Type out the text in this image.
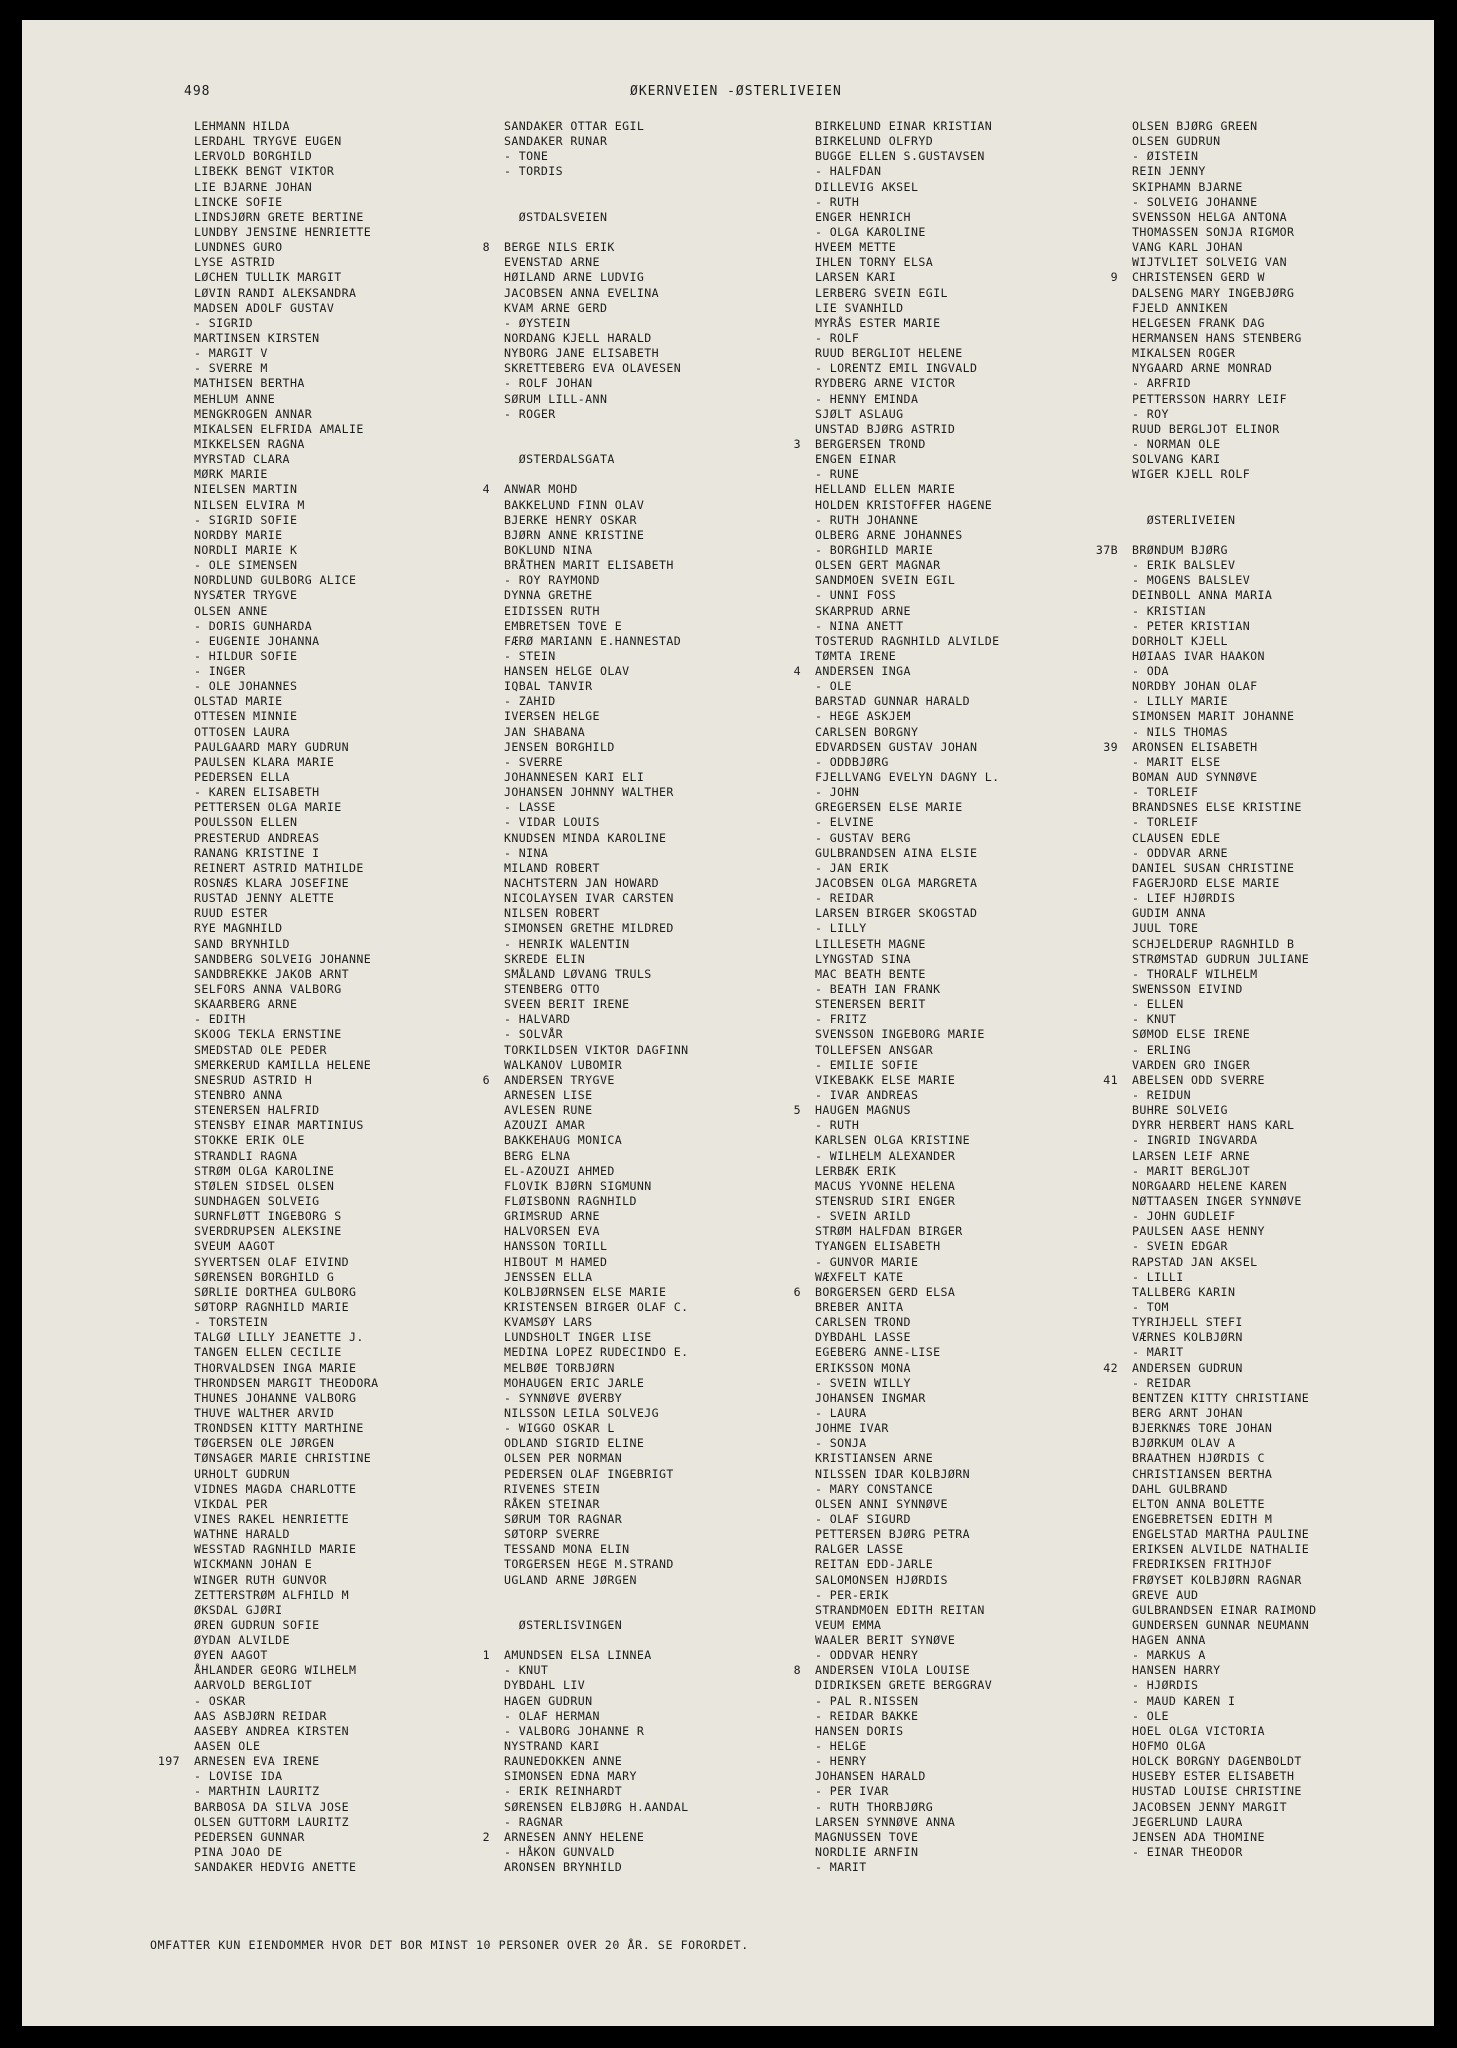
498	ØKERNVEIEN -ØSTERLIVEIEN
LEHMANN HILDA
LERDAHL TRYGVE EUGEN
LERVOLD BORGHILD
LIBEKK BENGT VIKTOR
LIE BJARNE JOHAN
LINCKE SOFIE
LINDSJØRN GRETE BERTINE
LUNDBY JENSINE HENRIETTE
LUNDNES GURO
LYSE ASTRID
LØCHEN TULLIK MARGIT
LØVIN RANDI ALEKSANDRA
MADSEN ADOLF GUSTAV
- SIGRID
MARTINSEN KIRSTEN
- MARGIT V
- SVERRE M
MATHISEN BERTHA
MEHLUM ANNE
MENGKROGEN ANNAR
MIKALSEN ELFRIDA AMALIE
MIKKELSEN RAGNA
MYRSTAD CLARA
MØRK MARIE
NIELSEN MARTIN
NILSEN ELVIRA M
- SIGRID SOFIE
NORDBY MARIE
NORDLI MARIE K
- OLE SIMENSEN
NORDLUND GULBORG ALICE
NYSÆTER TRYGVE
OLSEN ANNE
- DORIS GUNHARDA
- EUGENIE JOHANNA
- HILDUR SOFIE
- INGER
- OLE JOHANNES
OLSTAD MARIE
OTTESEN MINNIE
OTTOSEN LAURA
PAULGAARD MARY GUDRUN
PAULSEN KLARA MARIE
PEDERSEN ELLA
- KAREN ELISABETH
PETTERSEN OLGA MARIE
POULSSON ELLEN
PRESTERUD ANDREAS
RANANG KRISTINE I
REINERT ASTRID MATHILDE
ROSNÆS KLARA JOSEFINE
RUSTAD JENNY ALETTE
RUUD ESTER
RYE MAGNHILD
SAND BRYNHILD
SANDBERG SOLVEIG JOHANNE
SANDBREKKE JAKOB ARNT
SELFORS ANNA VALBORG
SKAARBERG ARNE
- EDITH
SKOOG TEKLA ERNSTINE
SMEDSTAD OLE PEDER
SMERKERUD KAMILLA HELENE
SNESRUD ASTRID H
STENBRO ANNA
STENERSEN HALFRID
STENSBY EINAR MARTINIUS
STOKKE ERIK OLE
STRANDLI RAGNA
STRØM OLGA KAROLINE
STØLEN SIDSEL OLSEN
SUNDHAGEN SOLVEIG
SURNFLØTT INGEBORG S
SVERDRUPSEN ALEKSINE
SVEUM AAGOT
SYVERTSEN OLAF EIVIND
SØRENSEN BORGHILD G
SØRLIE DORTHEA GULBORG
SØTORP RAGNHILD MARIE
- TORSTEIN
TALGØ LILLY JEANETTE J.
TANGEN ELLEN CECILIE
THORVALDSEN INGA MARIE
THRONDSEN MARGIT THEODORA
THUNES JOHANNE VALBORG
THUVE WALTHER ARVID
TRONDSEN KITTY MARTHINE
TØGERSEN OLE JØRGEN
TØNSAGER MARIE CHRISTINE
URHOLT GUDRUN
VIDNES MAGDA CHARLOTTE
VIKDAL PER
VINES RAKEL HENRIETTE
WATHNE HARALD
WESSTAD RAGNHILD MARIE
WICKMANN JOHAN E
WINGER RUTH GUNVOR
ZETTERSTRØM ALFHILD M
ØKSDAL GJØRI
ØREN GUDRUN SOFIE
ØYDAN ALVILDE
ØYEN AAGOT
ÅHLANDER GEORG WILHELM
AARVOLD BERGLIOT
- OSKAR
AAS ASBJØRN REIDAR
AASEBY ANDREA KIRSTEN
AASEN OLE
197 ARNESEN EVA IRENE
- LOVISE IDA
- MARTHIN LAURITZ
BARBOSA DA SILVA JOSE
OLSEN GUTTORM LAURITZ
PEDERSEN GUNNAR
PINA JOAO DE
SANDAKER HEDVIG ANETTE
SANDAKER OTTAR EGIL
SANDAKER RUNAR
- TONE
- TORDIS
ØSTDALSVEIEN
8 BERGE NILS ERIK
EVENSTAD ARNE
HØILAND ARNE LUDVIG
JACOBSEN ANNA EVELINA
KVAM ARNE GERD
- ØYSTEIN
NORDANG KJELL HARALD
NYBORG JANE ELISABETH
SKRETTEBERG EVA OLAVESEN
- ROLF JOHAN
SØRUM LILL-ANN
- ROGER
ØSTERDALSGATA
4 ANWAR MOHD
BAKKELUND FINN OLAV
BJERKE HENRY OSKAR
BJØRN ANNE KRISTINE
BOKLUND NINA
BRÅTHEN MARIT ELISABETH
- ROY RAYMOND
DYNNA GRETHE
EIDISSEN RUTH
EMBRETSEN TOVE E
FÆRØ MARIANN E.HANNESTAD
- STEIN
HANSEN HELGE OLAV
IQBAL TANVIR
- ZAHID
IVERSEN HELGE
JAN SHABANA
JENSEN BORGHILD
- SVERRE
JOHANNESEN KARI ELI
JOHANSEN JOHNNY WALTHER
- LASSE
- VIDAR LOUIS
KNUDSEN MINDA KAROLINE
- NINA
MILAND ROBERT
NACHTSTERN JAN HOWARD
NICOLAYSEN IVAR CARSTEN
NILSEN ROBERT
SIMONSEN GRETHE MILDRED
- HENRIK WALENTIN
SKREDE ELIN
SMÅLAND LØVANG TRULS
STENBERG OTTO
SVEEN BERIT IRENE
- HALVARD
- SOLVÅR
TORKILDSEN VIKTOR DAGFINN
WALKANOV LUBOMIR
6 ANDERSEN TRYGVE
ARNESEN LISE
AVLESEN RUNE
AZOUZI AMAR
BAKKEHAUG MONICA
BERG ELNA
EL-AZOUZI AHMED
FLOVIK BJØRN SIGMUNN
FLØISBONN RAGNHILD
GRIMSRUD ARNE
HALVORSEN EVA
HANSSON TORILL
HIBOUT M HAMED
JENSSEN ELLA
KOLBJØRNSEN ELSE MARIE
KRISTENSEN BIRGER OLAF C.
KVAMSØY LARS
LUNDSHOLT INGER LISE
MEDINA LOPEZ RUDECINDO E.
MELBØE TORBJØRN
MOHAUGEN ERIC JARLE
- SYNNØVE ØVERBY
NILSSON LEILA SOLVEJG
- WIGGO OSKAR L
ODLAND SIGRID ELINE
OLSEN PER NORMAN
PEDERSEN OLAF INGEBRIGT
RIVENES STEIN
RÅKEN STEINAR
SØRUM TOR RAGNAR
SØTORP SVERRE
TESSAND MONA ELIN
TORGERSEN HEGE M.STRAND
UGLAND ARNE JØRGEN
ØSTERLISVINGEN
1 AMUNDSEN ELSA LINNEA
- KNUT
DYBDAHL LIV
HAGEN GUDRUN
- OLAF HERMAN
- VALBORG JOHANNE R
NYSTRAND KARI
RAUNEDOKKEN ANNE
SIMONSEN EDNA MARY
- ERIK REINHARDT
SØRENSEN ELBJØRG H.AANDAL
- RAGNAR
2 ARNESEN ANNY HELENE
- HÅKON GUNVALD
ARONSEN BRYNHILD
BIRKELUND EINAR KRISTIAN
BIRKELUND OLFRYD
BUGGE ELLEN S.GUSTAVSEN
- HALFDAN
DILLEVIG AKSEL
- RUTH
ENGER HENRICH
- OLGA KAROLINE
HVEEM METTE
IHLEN TORNY ELSA
LARSEN KARI
LERBERG SVEIN EGIL
LIE SVANHILD
MYRÅS ESTER MARIE
- ROLF
RUUD BERGLIOT HELENE
- LORENTZ EMIL INGVALD
RYDBERG ARNE VICTOR
- HENNY EMINDA
SJØLT ASLAUG
UNSTAD BJØRG ASTRID
3 BERGERSEN TROND
ENGEN EINAR
- RUNE
HELLAND ELLEN MARIE
HOLDEN KRISTOFFER HAGENE
- RUTH JOHANNE
OLBERG ARNE JOHANNES
- BORGHILD MARIE
OLSEN GERT MAGNAR
SANDMOEN SVEIN EGIL
- UNNI FOSS
SKARPRUD ARNE
- NINA ANETT
TOSTERUD RAGNHILD ALVILDE
TØMTA IRENE
4 ANDERSEN INGA
- OLE
BARSTAD GUNNAR HARALD
- HEGE ASKJEM
CARLSEN BORGNY
EDVARDSEN GUSTAV JOHAN
- ODDBJØRG
FJELLVANG EVELYN DAGNY L.
- JOHN
GREGERSEN ELSE MARIE
- ELVINE
- GUSTAV BERG
GULBRANDSEN AINA ELSIE
- JAN ERIK
JACOBSEN OLGA MARGRETA
- REIDAR
LARSEN BIRGER SKOGSTAD
- LILLY
LILLESETH MAGNE
LYNGSTAD SINA
MAC BEATH BENTE
- BEATH IAN FRANK
STENERSEN BERIT
- FRITZ
SVENSSON INGEBORG MARIE
TOLLEFSEN ANSGAR
- EMILIE SOFIE
VIKEBAKK ELSE MARIE
- IVAR ANDREAS
5 HAUGEN MAGNUS
- RUTH
KARLSEN OLGA KRISTINE
- WILHELM ALEXANDER
LERBÆK ERIK
MACUS YVONNE HELENA
STENSRUD SIRI ENGER
- SVEIN ARILD
STRØM HALFDAN BIRGER
TYANGEN ELISABETH
- GUNVOR MARIE
WÆXFELT KATE
6 BORGERSEN GERD ELSA
BREBER ANITA
CARLSEN TROND
DYBDAHL LASSE
EGEBERG ANNE-LISE
ERIKSSON MONA
- SVEIN WILLY
JOHANSEN INGMAR
- LAURA
JOHME IVAR
- SONJA
KRISTIANSEN ARNE
NILSSEN IDAR KOLBJØRN
- MARY CONSTANCE
OLSEN ANNI SYNNØVE
- OLAF SIGURD
PETTERSEN BJØRG PETRA
RALGER LASSE
REITAN EDD-JARLE
SALOMONSEN HJØRDIS
- PER-ERIK
STRANDMOEN EDITH REITAN
VEUM EMMA
WAALER BERIT SYNØVE
- ODDVAR HENRY
8 ANDERSEN VIOLA LOUISE
DIDRIKSEN GRETE BERGGRAV
- PAL R.NISSEN
- REIDAR BAKKE
HANSEN DORIS
- HELGE
- HENRY
JOHANSEN HARALD
- PER IVAR
- RUTH THORBJØRG
LARSEN SYNNØVE ANNA
MAGNUSSEN TOVE
NORDLIE ARNFIN
- MARIT
OLSEN BJØRG GREEN
OLSEN GUDRUN
- ØISTEIN
REIN JENNY
SKIPHAMN BJARNE
- SOLVEIG JOHANNE
SVENSSON HELGA ANTONA
THOMASSEN SONJA RIGMOR
VANG KARL JOHAN
WIJTVLIET SOLVEIG VAN
9 CHRISTENSEN GERD W
DALSENG MARY INGEBJØRG
FJELD ANNIKEN
HELGESEN FRANK DAG
HERMANSEN HANS STENBERG
MIKALSEN ROGER
NYGAARD ARNE MONRAD
- ARFRID
PETTERSSON HARRY LEIF
- ROY
RUUD BERGLJOT ELINOR
- NORMAN OLE
SOLVANG KARI
WIGER KJELL ROLF
ØSTERLIVEIEN
37B BRØNDUM BJØRG
- ERIK BALSLEV
- MOGENS BALSLEV
DEINBOLL ANNA MARIA
- KRISTIAN
- PETER KRISTIAN
DORHOLT KJELL
HØIAAS IVAR HAAKON
- ODA
NORDBY JOHAN OLAF
- LILLY MARIE
SIMONSEN MARIT JOHANNE
- NILS THOMAS
39 ARONSEN ELISABETH
- MARIT ELSE
BOMAN AUD SYNNØVE
- TORLEIF
BRANDSNES ELSE KRISTINE
- TORLEIF
CLAUSEN EDLE
- ODDVAR ARNE
DANIEL SUSAN CHRISTINE
FAGERJORD ELSE MARIE
- LIEF HJØRDIS
GUDIM ANNA
JUUL TORE
SCHJELDERUP RAGNHILD B
STRØMSTAD GUDRUN JULIANE
- THORALF WILHELM
SWENSSON EIVIND
- ELLEN
- KNUT
SØMOD ELSE IRENE
- ERLING
VARDEN GRO INGER
41 ABELSEN ODD SVERRE
- REIDUN
BUHRE SOLVEIG
DYRR HERBERT HANS KARL
- INGRID INGVARDA
LARSEN LEIF ARNE
- MARIT BERGLJOT
NORGAARD HELENE KAREN
NØTTAASEN INGER SYNNØVE
- JOHN GUDLEIF
PAULSEN AASE HENNY
- SVEIN EDGAR
RAPSTAD JAN AKSEL
- LILLI
TALLBERG KARIN
- TOM
TYRIHJELL STEFI
VÆRNES KOLBJØRN
- MARIT
42 ANDERSEN GUDRUN
- REIDAR
BENTZEN KITTY CHRISTIANE
BERG ARNT JOHAN
BJERKNÆS TORE JOHAN
BJØRKUM OLAV A
BRAATHEN HJØRDIS C
CHRISTIANSEN BERTHA
DAHL GULBRAND
ELTON ANNA BOLETTE
ENGEBRETSEN EDITH M
ENGELSTAD MARTHA PAULINE
ERIKSEN ALVILDE NATHALIE
FREDRIKSEN FRITHJOF
FRØYSET KOLBJØRN RAGNAR
GREVE AUD
GULBRANDSEN EINAR RAIMOND
GUNDERSEN GUNNAR NEUMANN
HAGEN ANNA
- MARKUS A
HANSEN HARRY
- HJØRDIS
- MAUD KAREN I
- OLE
HOEL OLGA VICTORIA
HOFMO OLGA
HOLCK BORGNY DAGENBOLDT
HUSEBY ESTER ELISABETH
HUSTAD LOUISE CHRISTINE
JACOBSEN JENNY MARGIT
JEGERLUND LAURA
JENSEN ADA THOMINE
- EINAR THEODOR
OMFATTER KUN EIENDOMMER HVOR DET BOR MINST 10 PERSONER OVER 20 ÅR. SE FORORDET.
